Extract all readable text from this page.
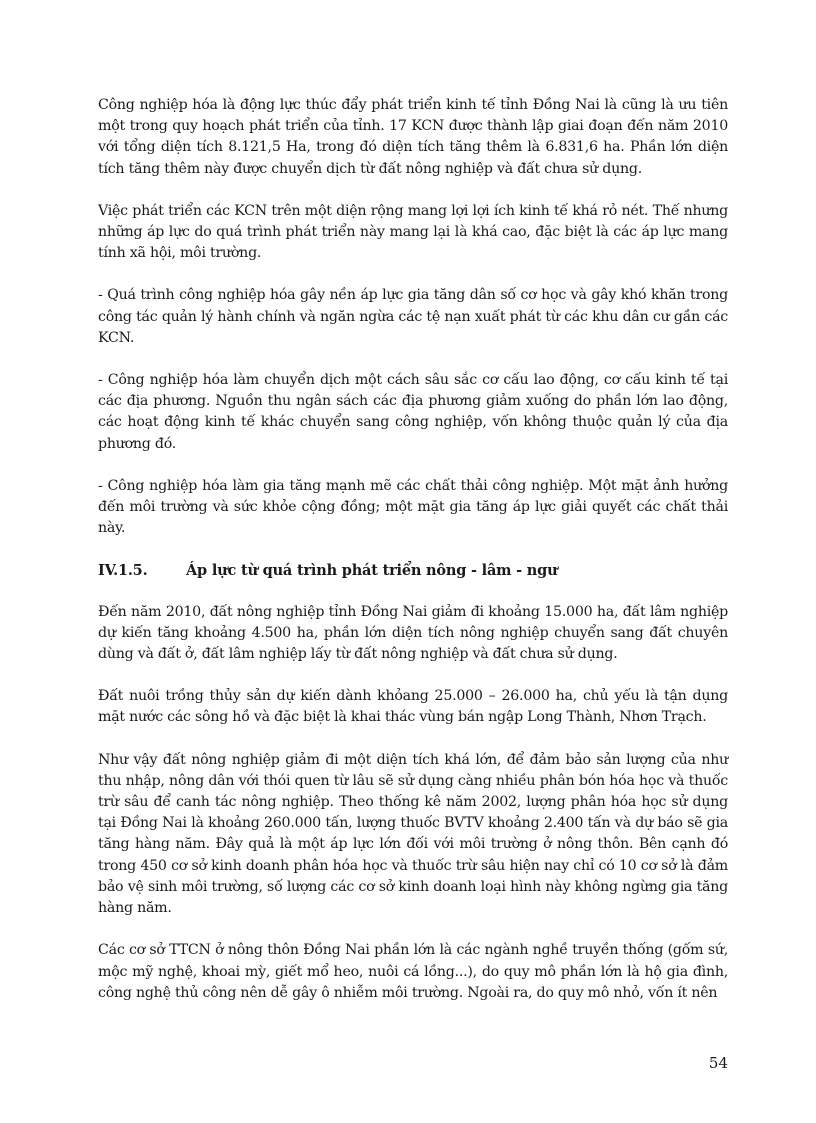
Công nghiệp hóa là động lực thúc đẩy phát triển kinh tế tỉnh Đồng Nai là cũng là ưu tiên một trong quy hoạch phát triển của tỉnh. 17 KCN được thành lập giai đoạn đến năm 2010 với tổng diện tích 8.121,5 Ha, trong đó diện tích tăng thêm là 6.831,6 ha. Phần lớn diện tích tăng thêm này được chuyển dịch từ đất nông nghiệp và đất chưa sử dụng.

Việc phát triển các KCN trên một diện rộng mang lợi lợi ích kinh tế khá rỏ nét. Thế nhưng những áp lực do quá trình phát triển này mang lại là khá cao, đặc biệt là các áp lực mang tính xã hội, môi trường.

- Quá trình công nghiệp hóa gây nền áp lực gia tăng dân số cơ học và gây khó khăn trong công tác quản lý hành chính và ngăn ngừa các tệ nạn xuất phát từ các khu dân cư gần các KCN.

- Công nghiệp hóa làm chuyển dịch một cách sâu sắc cơ cấu lao động, cơ cấu kinh tế tại các địa phương. Nguồn thu ngân sách các địa phương giảm xuống do phần lớn lao động, các hoạt động kinh tế khác chuyển sang công nghiệp, vốn không thuộc quản lý của địa phương đó.

- Công nghiệp hóa làm gia tăng mạnh mẽ các chất thải công nghiệp. Một mặt ảnh hưởng đến môi trường và sức khỏe cộng đồng; một mặt gia tăng áp lực giải quyết các chất thải này.

IV.1.5.	Áp lực từ quá trình phát triển nông - lâm - ngư

Đến năm 2010, đất nông nghiệp tỉnh Đồng Nai giảm đi khoảng 15.000 ha, đất lâm nghiệp dự kiến tăng khoảng 4.500 ha, phần lớn diện tích nông nghiệp chuyển sang đất chuyên dùng và đất ở, đất lâm nghiệp lấy từ đất nông nghiệp và đất chưa sử dụng.

Đất nuôi trồng thủy sản dự kiến dành khỏang 25.000 – 26.000 ha, chủ yếu là tận dụng mặt nước các sông hồ và đặc biệt là khai thác vùng bán ngập Long Thành, Nhơn Trạch.

Như vậy đất nông nghiệp giảm đi một diện tích khá lớn, để đảm bảo sản lượng của như thu nhập, nông dân với thói quen từ lâu sẽ sử dụng càng nhiều phân bón hóa học và thuốc trừ sâu để canh tác nông nghiệp. Theo thống kê năm 2002, lượng phân hóa học sử dụng tại Đồng Nai là khoảng 260.000 tấn, lượng thuốc BVTV khoảng 2.400 tấn và dự báo sẽ gia tăng hàng năm. Đây quả là một áp lực lớn đối với môi trường ở nông thôn. Bên cạnh đó trong 450 cơ sở kinh doanh phân hóa học và thuốc trừ sâu hiện nay chỉ có 10 cơ sở là đảm bảo vệ sinh môi trường, số lượng các cơ sở kinh doanh loại hình này không ngừng gia tăng hàng năm.

Các cơ sở TTCN ở nông thôn Đồng Nai phần lớn là các ngành nghề truyền thống (gốm sứ, mộc mỹ nghệ, khoai mỳ, giết mổ heo, nuôi cá lồng...), do quy mô phần lớn là hộ gia đình, công nghệ thủ công nên dễ gây ô nhiễm môi trường. Ngoài ra, do quy mô nhỏ, vốn ít nên

54
